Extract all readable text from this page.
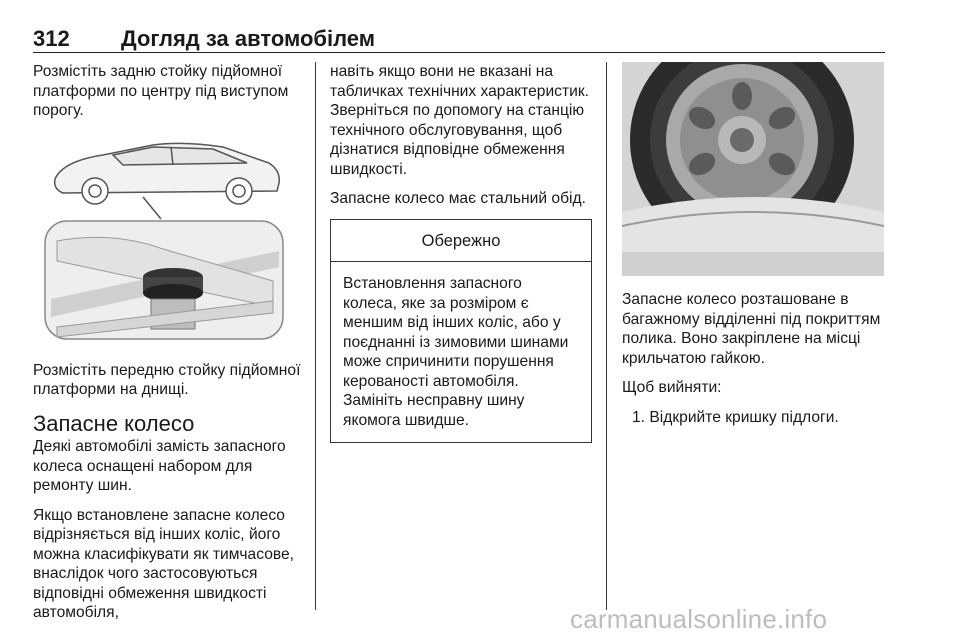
312 Догляд за автомобілем

Розмістіть задню стойку підйомної платформи по центру під виступом порогу.

Розмістіть передню стойку підйомної платформи на днищі.

Запасне колесо

Деякі автомобілі замість запасного колеса оснащені набором для ремонту шин.

Якщо встановлене запасне колесо відрізняється від інших коліс, його можна класифікувати як тимчасове, внаслідок чого застосовуються відповідні обмеження швидкості автомобіля,

навіть якщо вони не вказані на табличках технічних характеристик. Зверніться по допомогу на станцію технічного обслуговування, щоб дізнатися відповідне обмеження швидкості.

Запасне колесо має стальний обід.

Обережно

Встановлення запасного колеса, яке за розміром є меншим від інших коліс, або у поєднанні із зимовими шинами може спричинити порушення керованості автомобіля. Замініть несправну шину якомога швидше.

Запасне колесо розташоване в багажному відділенні під покриттям полика. Воно закріплене на місці крильчатою гайкою.

Щоб вийняти:

1. Відкрийте кришку підлоги.
carmanualsonline.info
